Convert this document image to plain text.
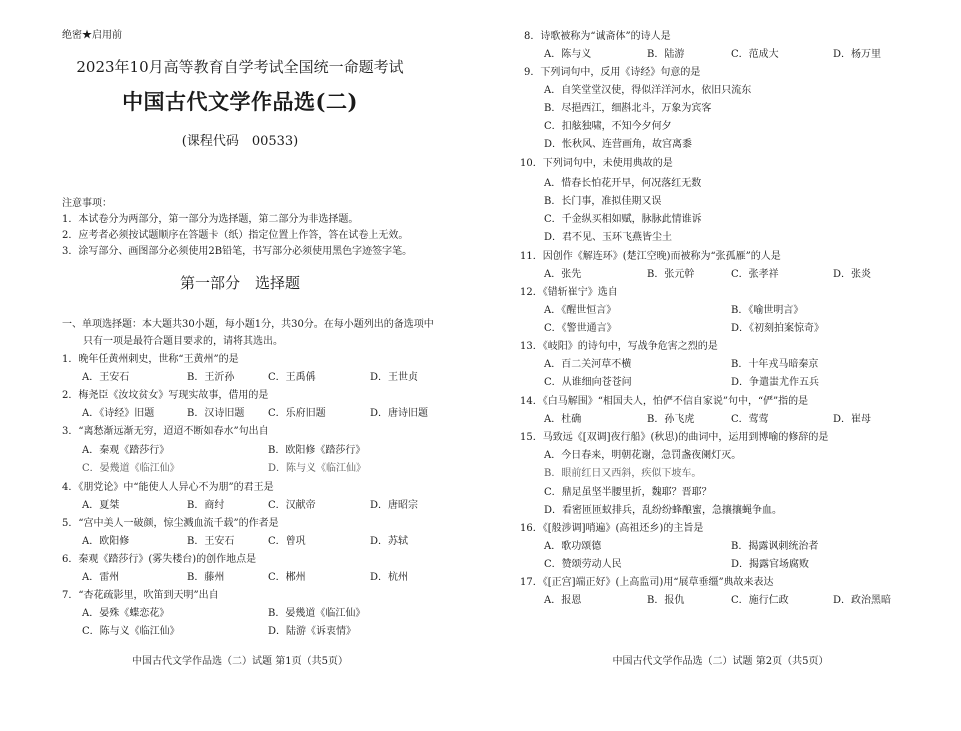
绝密★启用前
2023年10月高等教育自学考试全国统一命题考试
中国古代文学作品选(二)
(课程代码　00533)
注意事项：
1．本试卷分为两部分，第一部分为选择题，第二部分为非选择题。
2．应考者必须按试题顺序在答题卡（纸）指定位置上作答，答在试卷上无效。
3．涂写部分、画图部分必须使用2B铅笔，书写部分必须使用黑色字迹签字笔。
第一部分　选择题
一、单项选择题：本大题共30小题，每小题1分，共30分。在每小题列出的备选项中
只有一项是最符合题目要求的，请将其选出。
1．晚年任黄州刺史，世称“王黄州”的是
A．王安石	B．王沂孙	C．王禹偁	D．王世贞
2．梅尧臣《汝坟贫女》写现实故事，借用的是
A．《诗经》旧题	B．汉诗旧题 C．乐府旧题	D．唐诗旧题
3．“离愁渐远渐无穷，迢迢不断如春水”句出自
A．秦观《踏莎行》	B．欧阳修《踏莎行》
C．晏幾道《临江仙》	D．陈与义《临江仙》
4．《朋党论》中“能使人人异心不为朋”的君王是
A．夏桀	B．商纣	C．汉献帝	D．唐昭宗
5．“宫中美人一破颜，惊尘溅血流千载”的作者是
A．欧阳修	B．王安石	C．曾巩	D．苏轼
6．秦观《踏莎行》(雾失楼台)的创作地点是
A．雷州	B．藤州	C．郴州	D．杭州
7．“杏花疏影里，吹笛到天明”出自
A．晏殊《蝶恋花》	B．晏幾道《临江仙》
C．陈与义《临江仙》	D．陆游《诉衷情》
中国古代文学作品选（二）试题 第1页（共5页）
8．诗歌被称为“诚斋体”的诗人是
A．陈与义	B．陆游	C．范成大	D．杨万里
9．下列词句中，反用《诗经》句意的是
A．自笑堂堂汉使，得似洋洋河水，依旧只流东
B．尽挹西江，细斟北斗，万象为宾客
C．扣舷独啸，不知今夕何夕
D．怅秋风、连营画角，故宫离黍
10．下列词句中，未使用典故的是
A．惜春长怕花开早，何况落红无数
B．长门事，准拟佳期又误
C．千金纵买相如赋，脉脉此情谁诉
D．君不见、玉环飞燕皆尘土
11．因创作《解连环》(楚江空晚)而被称为“张孤雁”的人是
A．张先	B．张元幹	C．张孝祥	D．张炎
12．《错斩崔宁》选自
A．《醒世恒言》	B．《喻世明言》
C．《警世通言》	D．《初刻拍案惊奇》
13．《岐阳》的诗句中，写战争危害之烈的是
A．百二关河草不横	B．十年戎马暗秦京
C．从谁细向苍苍问	D．争遣蚩尤作五兵
14．《白马解围》“相国夫人，怕俨不信自家说”句中，“俨”指的是
A．杜确	B．孙飞虎	C．莺莺	D．崔母
15．马致远《[双调]夜行船》(秋思)的曲词中，运用到博喻的修辞的是
A．今日春来，明朝花谢，急罚盏夜阑灯灭。
B．眼前红日又西斜，疾似下坡车。
C．鼎足虽坚半腰里折，魏耶？晋耶？
D．看密匝匝蚁排兵，乱纷纷蜂酿蜜，急攘攘蝇争血。
16．《[般涉调]哨遍》(高祖还乡)的主旨是
A．歌功颂德	B．揭露讽刺统治者
C．赞颂劳动人民	D．揭露官场腐败
17．《[正宫]端正好》(上高监司)用“展草垂缰”典故来表达
A．报恩	B．报仇	C．施行仁政	D．政治黑暗
中国古代文学作品选（二）试题 第2页（共5页）
